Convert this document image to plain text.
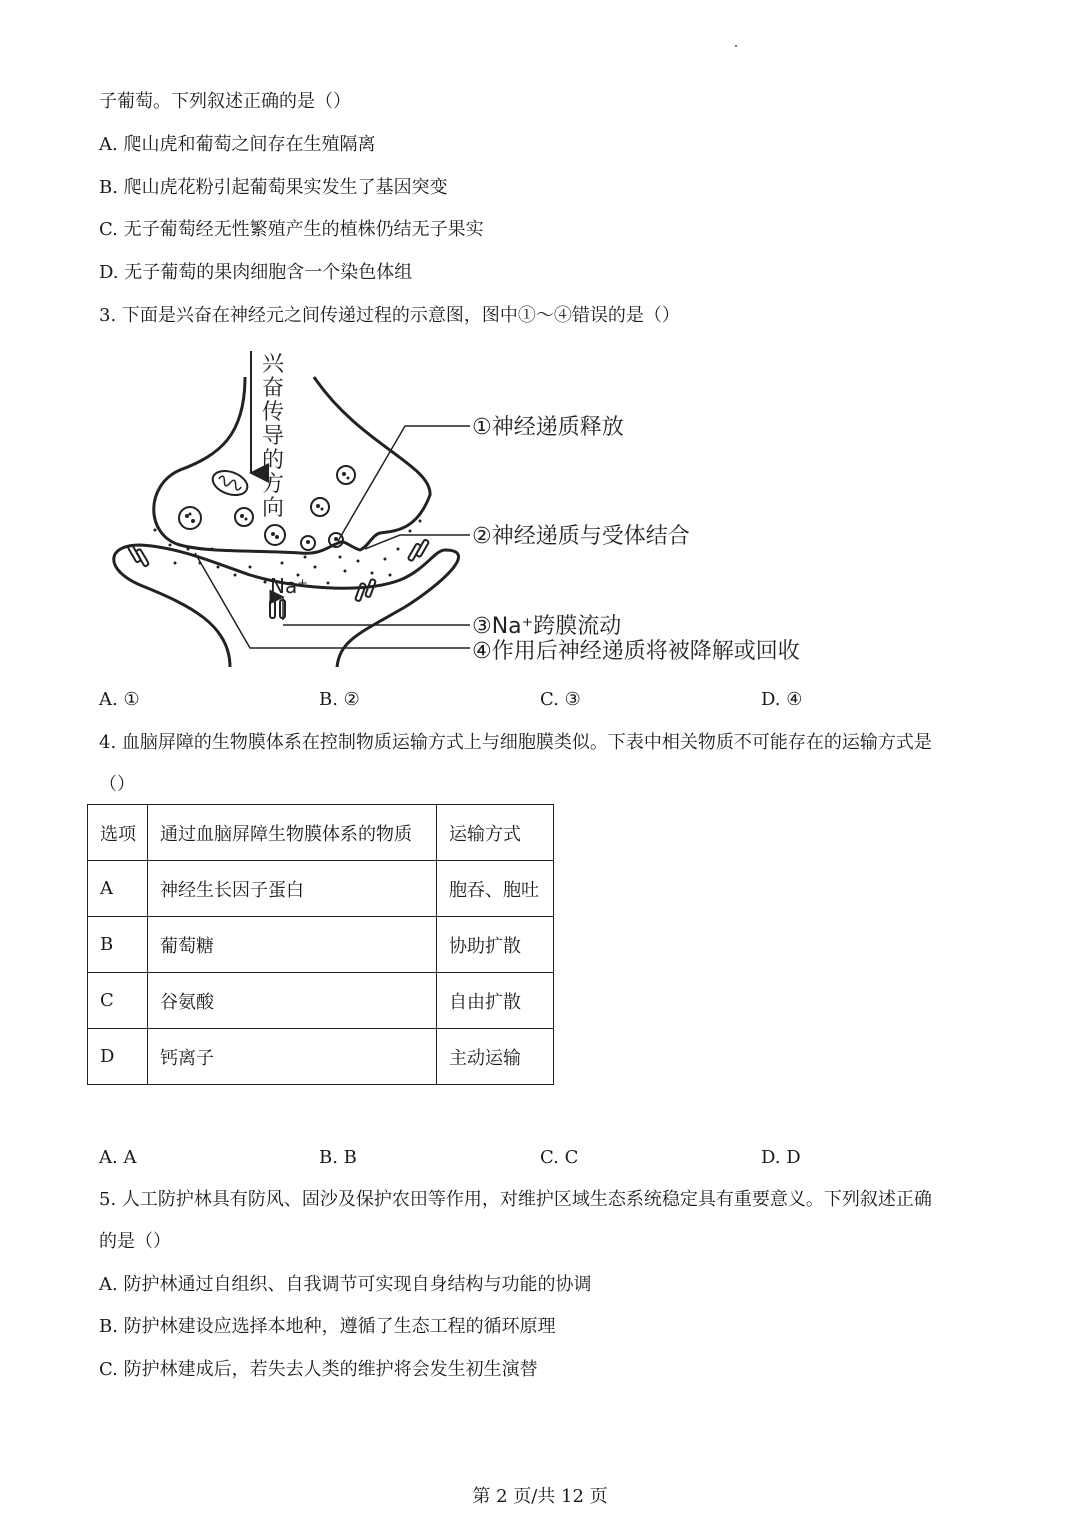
子葡萄。下列叙述正确的是（）
A. 爬山虎和葡萄之间存在生殖隔离
B. 爬山虎花粉引起葡萄果实发生了基因突变
C. 无子葡萄经无性繁殖产生的植株仍结无子果实
D. 无子葡萄的果肉细胞含一个染色体组
3. 下面是兴奋在神经元之间传递过程的示意图，图中①～④错误的是（）
兴
奋
传
导
的
方
向
Na⁺
①神经递质释放
②神经递质与受体结合
③Na⁺跨膜流动
④作用后神经递质将被降解或回收
A. ①	B. ②	C. ③	D. ④
4. 血脑屏障的生物膜体系在控制物质运输方式上与细胞膜类似。下表中相关物质不可能存在的运输方式是
（）
选项	通过血脑屏障生物膜体系的物质	运输方式
A	神经生长因子蛋白	胞吞、胞吐
B	葡萄糖	协助扩散
C	谷氨酸	自由扩散
D	钙离子	主动运输
A. A	B. B	C. C	D. D
5. 人工防护林具有防风、固沙及保护农田等作用，对维护区域生态系统稳定具有重要意义。下列叙述正确
的是（）
A. 防护林通过自组织、自我调节可实现自身结构与功能的协调
B. 防护林建设应选择本地种，遵循了生态工程的循环原理
C. 防护林建成后，若失去人类的维护将会发生初生演替
第 2 页/共 12 页
